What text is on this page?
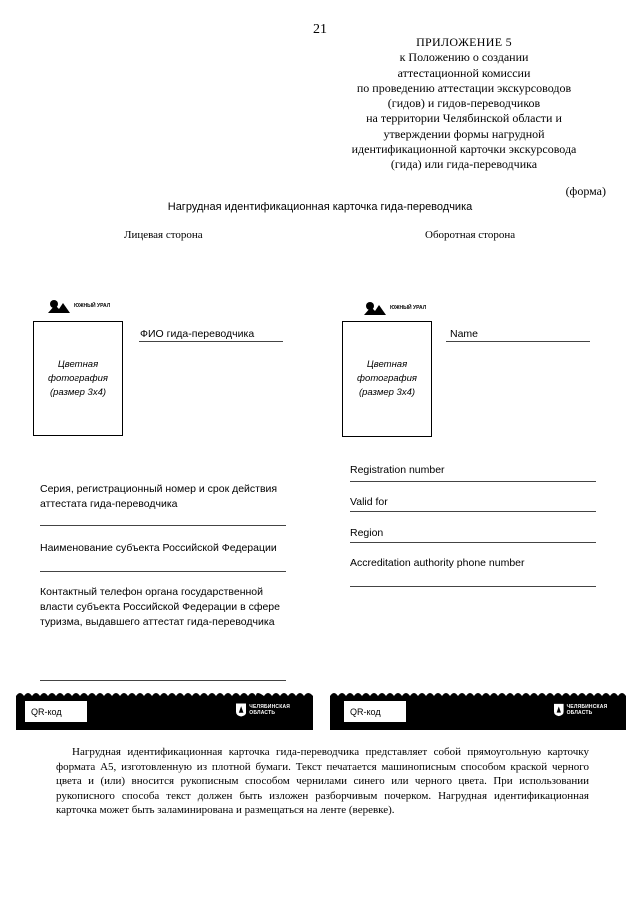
21
ПРИЛОЖЕНИЕ 5
к Положению о создании
аттестационной комиссии
по проведению аттестации экскурсоводов
(гидов) и гидов-переводчиков
на территории Челябинской области и
утверждении формы нагрудной
идентификационной карточки экскурсовода
(гида) или гида-переводчика
(форма)
Нагрудная идентификационная карточка гида-переводчика
Лицевая сторона	Оборотная сторона
ЮЖНЫЙ УРАЛ
Цветная фотография (размер 3х4)
ФИО гида-переводчика
Серия, регистрационный номер и срок действия аттестата гида-переводчика
Наименование субъекта Российской Федерации
Контактный телефон органа государственной власти субъекта Российской Федерации в сфере туризма, выдавшего аттестат гида-переводчика
QR-код	ЧЕЛЯБИНСКАЯ ОБЛАСТЬ
ЮЖНЫЙ УРАЛ
Цветная фотография (размер 3х4)
Name
Registration number
Valid for
Region
Accreditation authority phone number
QR-код	ЧЕЛЯБИНСКАЯ ОБЛАСТЬ
Нагрудная идентификационная карточка гида-переводчика представляет собой прямоугольную карточку формата А5, изготовленную из плотной бумаги. Текст печатается машинописным способом краской черного цвета и (или) вносится рукописным способом чернилами синего или черного цвета. При использовании рукописного способа текст должен быть изложен разборчивым почерком. Нагрудная идентификационная карточка может быть заламинирована и размещаться на ленте (веревке).
